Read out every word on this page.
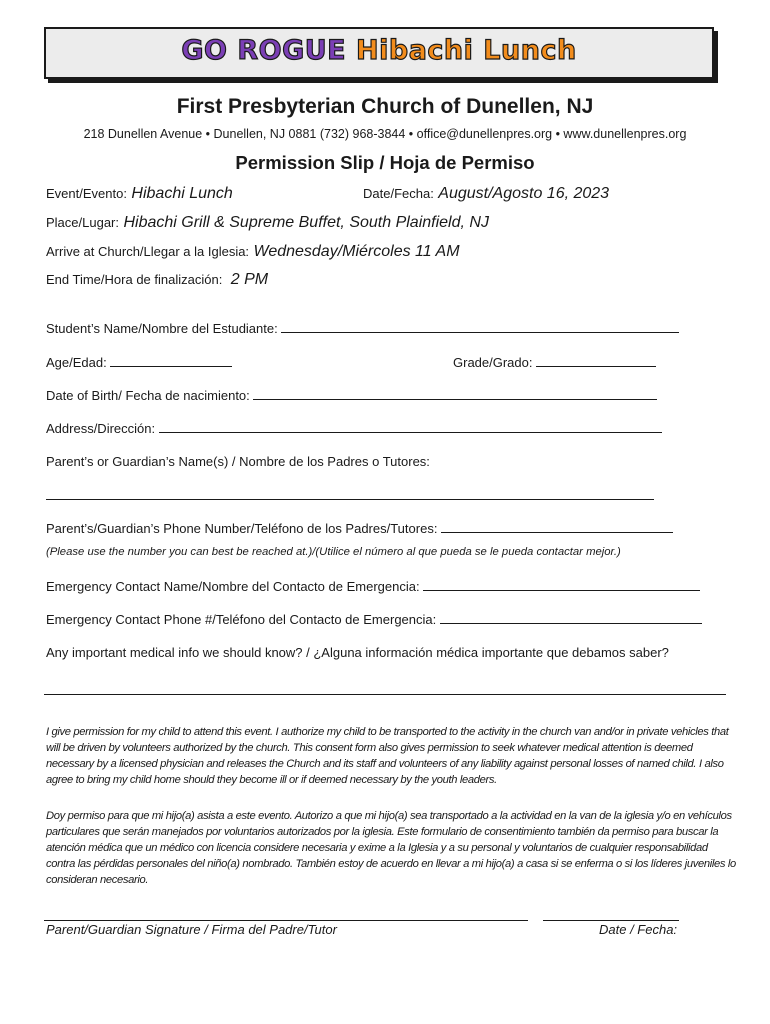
GO ROGUE Hibachi Lunch
First Presbyterian Church of Dunellen, NJ
218 Dunellen Avenue • Dunellen, NJ 0881 (732) 968-3844 • office@dunellenpres.org • www.dunellenpres.org
Permission Slip / Hoja de Permiso
Event/Evento: Hibachi Lunch	Date/Fecha: August/Agosto 16, 2023
Place/Lugar: Hibachi Grill & Supreme Buffet, South Plainfield, NJ
Arrive at Church/Llegar a la Iglesia: Wednesday/Miércoles 11 AM
End Time/Hora de finalización: 2 PM
Student’s Name/Nombre del Estudiante:
Age/Edad:	Grade/Grado:
Date of Birth/ Fecha de nacimiento:
Address/Dirección:
Parent’s or Guardian’s Name(s) / Nombre de los Padres o Tutores:
Parent’s/Guardian’s Phone Number/Teléfono de los Padres/Tutores:
(Please use the number you can best be reached at.)/(Utilice el número al que pueda se le pueda contactar mejor.)
Emergency Contact Name/Nombre del Contacto de Emergencia:
Emergency Contact Phone #/Teléfono del Contacto de Emergencia:
Any important medical info we should know? / ¿Alguna información médica importante que debamos saber?
I give permission for my child to attend this event. I authorize my child to be transported to the activity in the church van and/or in private vehicles that will be driven by volunteers authorized by the church. This consent form also gives permission to seek whatever medical attention is deemed necessary by a licensed physician and releases the Church and its staff and volunteers of any liability against personal losses of named child. I also agree to bring my child home should they become ill or if deemed necessary by the youth leaders.
Doy permiso para que mi hijo(a) asista a este evento. Autorizo a que mi hijo(a) sea transportado a la actividad en la van de la iglesia y/o en vehículos particulares que serán manejados por voluntarios autorizados por la iglesia. Este formulario de consentimiento también da permiso para buscar la atención médica que un médico con licencia considere necesaria y exime a la Iglesia y a su personal y voluntarios de cualquier responsabilidad contra las pérdidas personales del niño(a) nombrado. También estoy de acuerdo en llevar a mi hijo(a) a casa si se enferma o si los líderes juveniles lo consideran necesario.
Parent/Guardian Signature / Firma del Padre/Tutor	Date / Fecha:
